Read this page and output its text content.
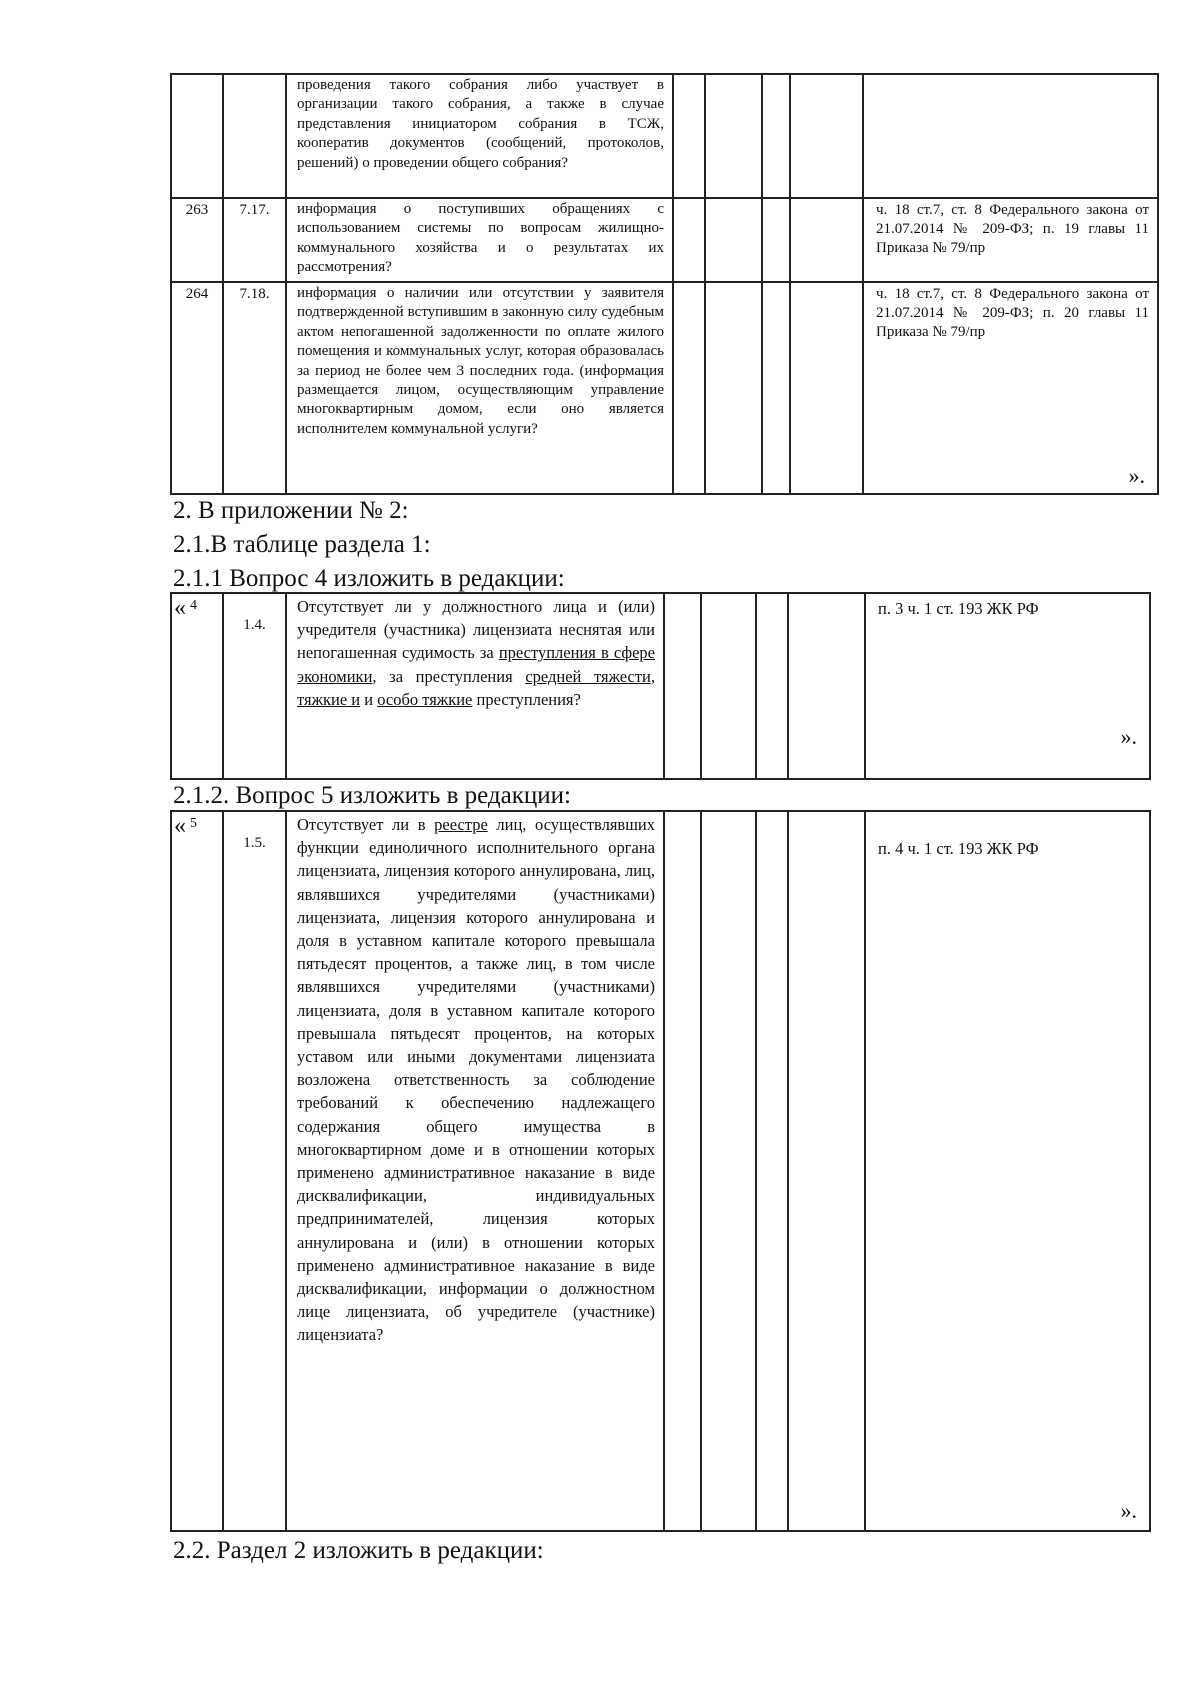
		проведения такого собрания либо участвует в организации такого собрания, а также в случае представления инициатором собрания в ТСЖ, кооператив документов (сообщений, протоколов, решений) о проведении общего собрания?					
263	7.17.	информация о поступивших обращениях с использованием системы по вопросам жилищно-коммунального хозяйства и о результатах их рассмотрения?					ч. 18 ст.7, ст. 8 Федерального закона от 21.07.2014 № 209-ФЗ; п. 19 главы 11 Приказа № 79/пр
264	7.18.	информация о наличии или отсутствии у заявителя подтвержденной вступившим в законную силу судебным актом непогашенной задолженности по оплате жилого помещения и коммунальных услуг, которая образовалась за период не более чем 3 последних года. (информация размещается лицом, осуществляющим управление многоквартирным домом, если оно является исполнителем коммунальной услуги?					ч. 18 ст.7, ст. 8 Федерального закона от 21.07.2014 № 209-ФЗ; п. 20 главы 11 Приказа № 79/пр
».
2. В приложении № 2:
2.1.В таблице раздела 1:
2.1.1 Вопрос 4 изложить в редакции:
« 4	1.4.	Отсутствует ли у должностного лица и (или) учредителя (участника) лицензиата неснятая или непогашенная судимость за преступления в сфере экономики, за преступления средней тяжести, тяжкие и и особо тяжкие преступления?					п. 3 ч. 1 ст. 193 ЖК РФ
».
2.1.2. Вопрос 5 изложить в редакции:
« 5	1.5.	Отсутствует ли в реестре лиц, осуществлявших функции единоличного исполнительного органа лицензиата, лицензия которого аннулирована, лиц, являвшихся учредителями (участниками) лицензиата, лицензия которого аннулирована и доля в уставном капитале которого превышала пятьдесят процентов, а также лиц, в том числе являвшихся учредителями (участниками) лицензиата, доля в уставном капитале которого превышала пятьдесят процентов, на которых уставом или иными документами лицензиата возложена ответственность за соблюдение требований к обеспечению надлежащего содержания общего имущества в многоквартирном доме и в отношении которых применено административное наказание в виде дисквалификации, индивидуальных предпринимателей, лицензия которых аннулирована и (или) в отношении которых применено административное наказание в виде дисквалификации, информации о должностном лице лицензиата, об учредителе (участнике) лицензиата?					п. 4 ч. 1 ст. 193 ЖК РФ
».
2.2. Раздел 2 изложить в редакции:
